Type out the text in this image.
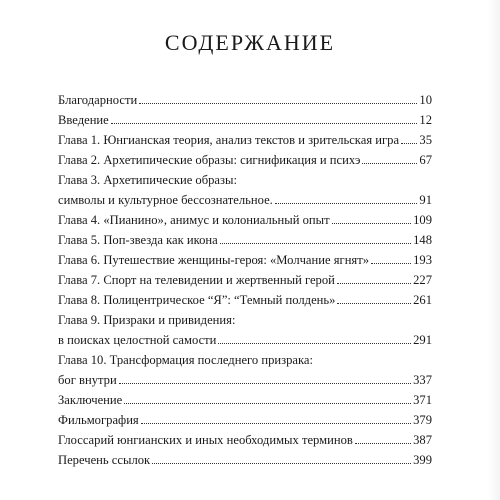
СОДЕРЖАНИЕ
Благодарности	10
Введение	12
Глава 1. Юнгианская теория, анализ текстов и зрительская игра 35
Глава 2. Архетипические образы: сигнификация и психэ	67
Глава 3. Архетипические образы:
символы и культурное бессознательное.	91
Глава 4. «Пианино», анимус и колониальный опыт	109
Глава 5. Поп-звезда как икона	148
Глава 6. Путешествие женщины-героя: «Молчание ягнят»	193
Глава 7. Спорт на телевидении и жертвенный герой	227
Глава 8. Полицентрическое “Я”: “Темный полдень»	261
Глава 9. Призраки и привидения:
в поисках целостной самости	291
Глава 10. Трансформация последнего призрака:
бог внутри	337
Заключение	371
Фильмография	379
Глоссарий юнгианских и иных необходимых терминов	387
Перечень ссылок	399
